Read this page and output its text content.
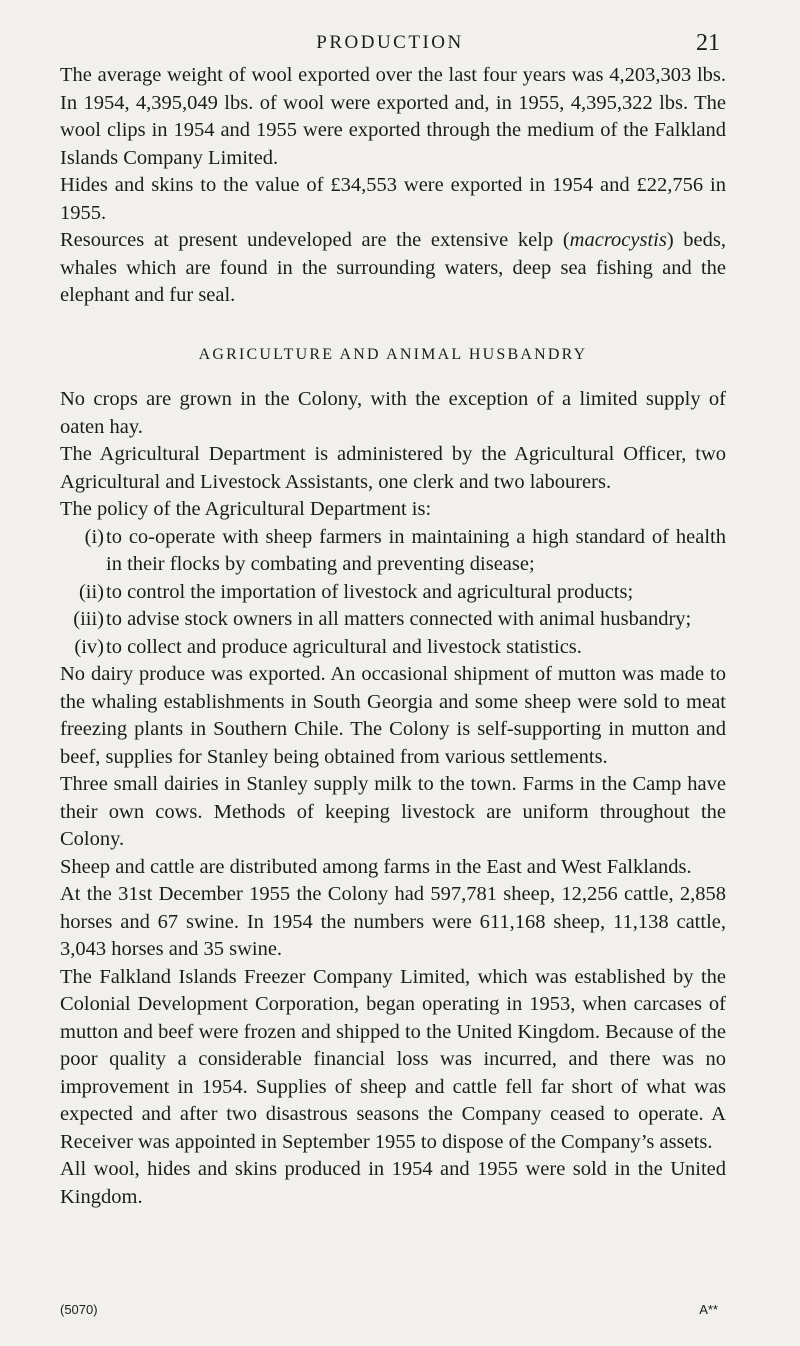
PRODUCTION	21

The average weight of wool exported over the last four years was 4,203,303 lbs. In 1954, 4,395,049 lbs. of wool were exported and, in 1955, 4,395,322 lbs. The wool clips in 1954 and 1955 were exported through the medium of the Falkland Islands Company Limited.

Hides and skins to the value of £34,553 were exported in 1954 and £22,756 in 1955.

Resources at present undeveloped are the extensive kelp (macrocystis) beds, whales which are found in the surrounding waters, deep sea fishing and the elephant and fur seal.

AGRICULTURE AND ANIMAL HUSBANDRY

No crops are grown in the Colony, with the exception of a limited supply of oaten hay.

The Agricultural Department is administered by the Agricultural Officer, two Agricultural and Livestock Assistants, one clerk and two labourers.

The policy of the Agricultural Department is:

(i) to co-operate with sheep farmers in maintaining a high standard of health in their flocks by combating and preventing disease;
(ii) to control the importation of livestock and agricultural products;
(iii) to advise stock owners in all matters connected with animal husbandry;
(iv) to collect and produce agricultural and livestock statistics.

No dairy produce was exported. An occasional shipment of mutton was made to the whaling establishments in South Georgia and some sheep were sold to meat freezing plants in Southern Chile. The Colony is self-supporting in mutton and beef, supplies for Stanley being obtained from various settlements.

Three small dairies in Stanley supply milk to the town. Farms in the Camp have their own cows. Methods of keeping livestock are uniform throughout the Colony.

Sheep and cattle are distributed among farms in the East and West Falklands.

At the 31st December 1955 the Colony had 597,781 sheep, 12,256 cattle, 2,858 horses and 67 swine. In 1954 the numbers were 611,168 sheep, 11,138 cattle, 3,043 horses and 35 swine.

The Falkland Islands Freezer Company Limited, which was established by the Colonial Development Corporation, began operating in 1953, when carcases of mutton and beef were frozen and shipped to the United Kingdom. Because of the poor quality a considerable financial loss was incurred, and there was no improvement in 1954. Supplies of sheep and cattle fell far short of what was expected and after two disastrous seasons the Company ceased to operate. A Receiver was appointed in September 1955 to dispose of the Company’s assets.

All wool, hides and skins produced in 1954 and 1955 were sold in the United Kingdom.

(5070)	A**
